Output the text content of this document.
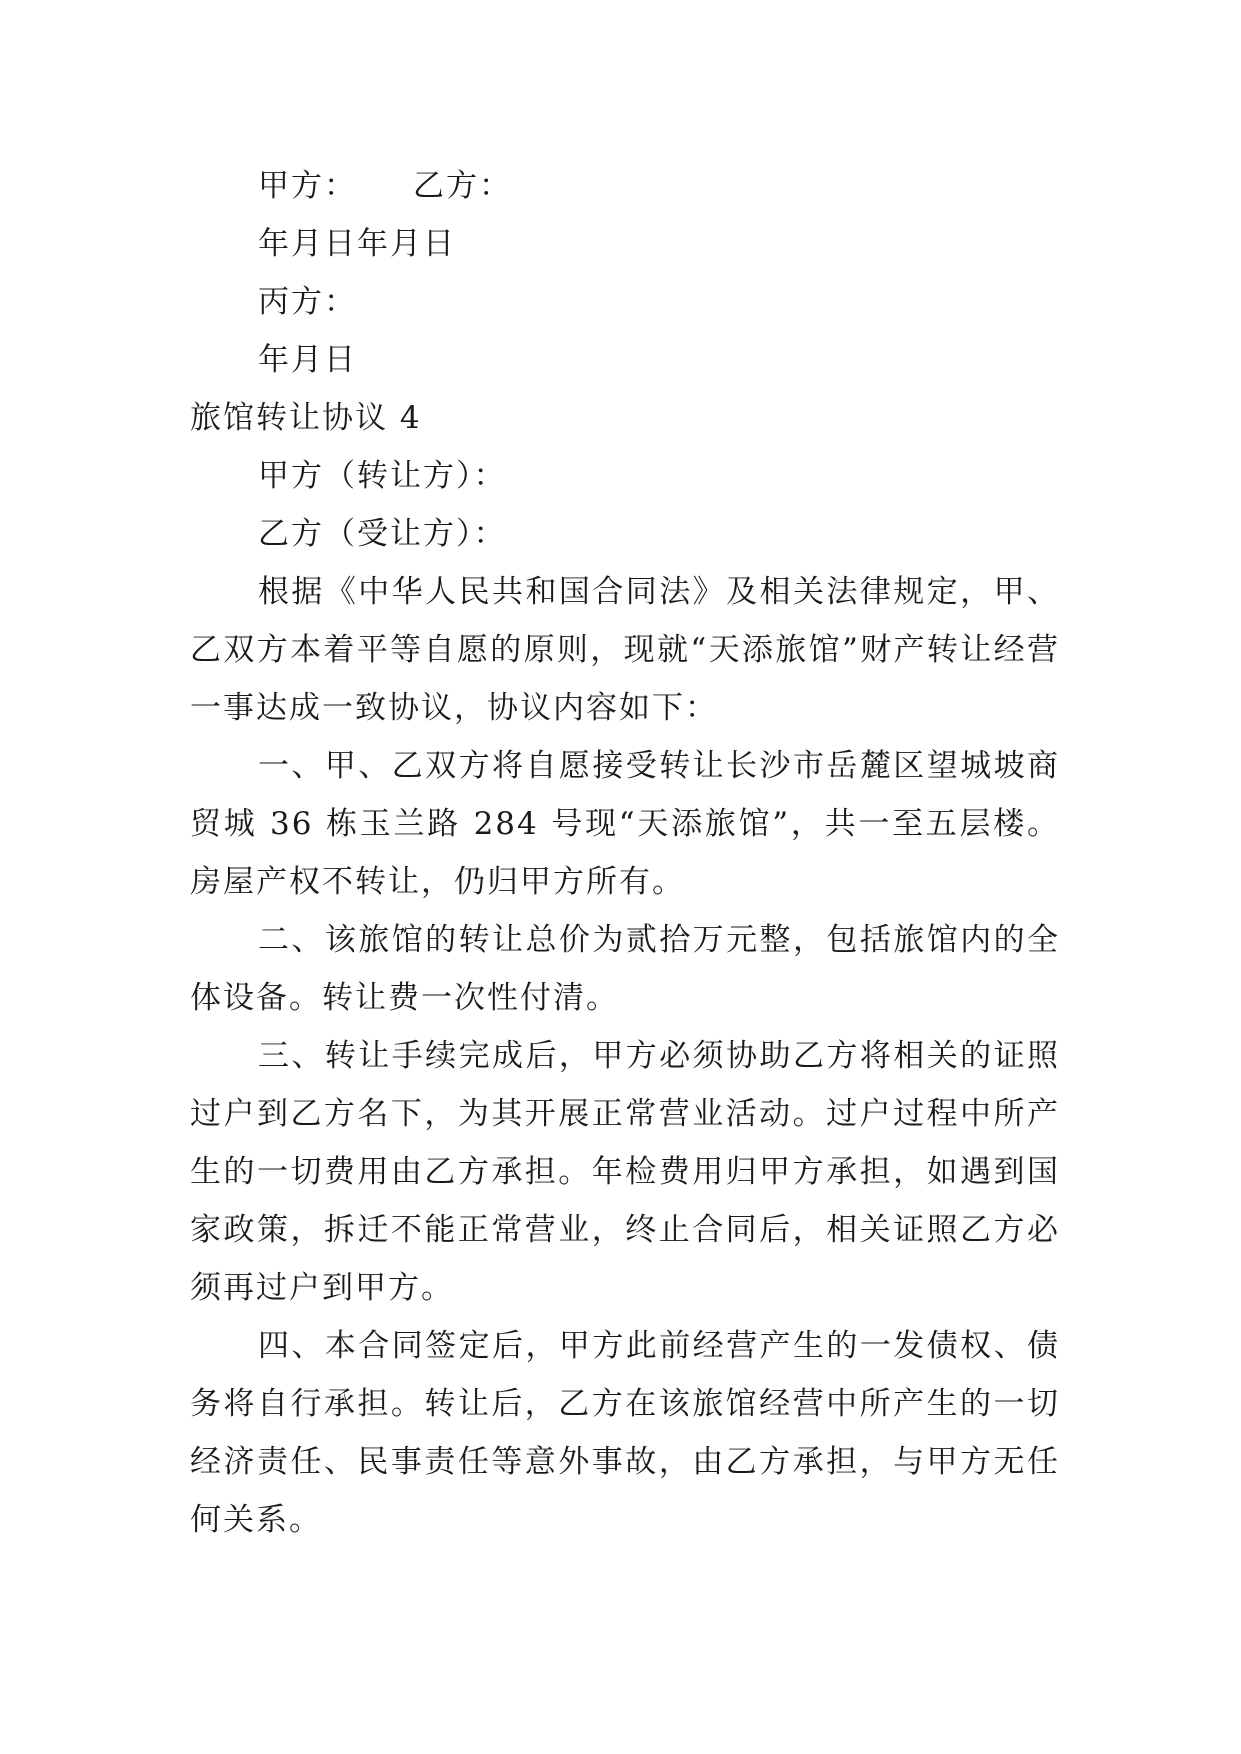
甲方： 乙方：
年月日年月日
丙方：
年月日
旅馆转让协议 4
甲方（转让方）：
乙方（受让方）：

根据《中华人民共和国合同法》及相关法律规定，甲、乙双方本着平等自愿的原则，现就“天添旅馆”财产转让经营一事达成一致协议，协议内容如下：

一、甲、乙双方将自愿接受转让长沙市岳麓区望城坡商贸城 36 栋玉兰路 284 号现“天添旅馆”，共一至五层楼。房屋产权不转让，仍归甲方所有。

二、该旅馆的转让总价为贰拾万元整，包括旅馆内的全体设备。转让费一次性付清。

三、转让手续完成后，甲方必须协助乙方将相关的证照过户到乙方名下，为其开展正常营业活动。过户过程中所产生的一切费用由乙方承担。年检费用归甲方承担，如遇到国家政策，拆迁不能正常营业，终止合同后，相关证照乙方必须再过户到甲方。

四、本合同签定后，甲方此前经营产生的一发债权、债务将自行承担。转让后，乙方在该旅馆经营中所产生的一切经济责任、民事责任等意外事故，由乙方承担，与甲方无任何关系。
